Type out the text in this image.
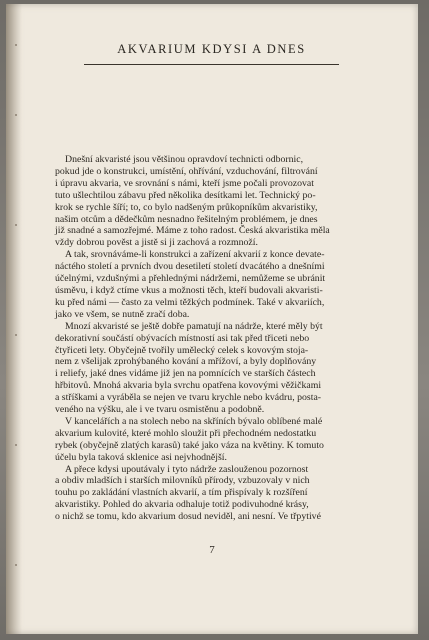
AKVARIUM KDYSI A DNES

Dnešní akvaristé jsou většinou opravdoví technicti odbornic,
pokud jde o konstrukci, umístění, ohřívání, vzduchování, filtrování
i úpravu akvaria, ve srovnání s námi, kteří jsme počali provozovat
tuto ušlechtilou zábavu před několika desítkami let. Technický po-
krok se rychle šíří; to, co bylo nadšeným průkopníkům akvaristiky,
našim otcům a dědečkům nesnadno řešitelným problémem, je dnes
již snadné a samozřejmé. Máme z toho radost. Česká akvaristika měla
vždy dobrou pověst a jistě si ji zachová a rozmnoží.

A tak, srovnáváme-li konstrukci a zařízení akvarií z konce devate-
náctého století a prvních dvou desetiletí století dvacátého a dnešními
účelnými, vzdušnými a přehlednými nádržemi, nemůžeme se ubránit
úsměvu, i když ctíme vkus a možnosti těch, kteří budovali akvaristi-
ku před námi — často za velmi těžkých podmínek. Také v akvariích,
jako ve všem, se nutně zračí doba.

Mnozí akvaristé se ještě dobře pamatují na nádrže, které měly být
dekorativní součástí obývacích místností asi tak před třiceti nebo
čtyřiceti lety. Obyčejně tvořily umělecký celek s kovovým stoja-
nem z všelijak zprohýbaného kování a mřížoví, a byly doplňovány
i reliefy, jaké dnes vidáme již jen na pomnících ve starších částech
hřbitovů. Mnohá akvaria byla svrchu opatřena kovovými věžičkami
a stříškami a vyráběla se nejen ve tvaru krychle nebo kvádru, posta-
veného na výšku, ale i ve tvaru osmistěnu a podobně.

V kancelářích a na stolech nebo na skříních bývalo oblíbené malé
akvarium kulovité, které mohlo sloužit při přechodném nedostatku
rybek (obyčejně zlatých karasů) také jako váza na květiny. K tomuto
účelu byla taková sklenice asi nejvhodnější.

A přece kdysi upoutávaly i tyto nádrže zaslouženou pozornost
a obdiv mladších i starších milovníků přírody, vzbuzovaly v nich
touhu po zakládání vlastních akvarií, a tím přispívaly k rozšíření
akvaristiky. Pohled do akvaria odhaluje totiž podivuhodné krásy,
o nichž se tomu, kdo akvarium dosud neviděl, ani nesní. Ve třpytivé

7
